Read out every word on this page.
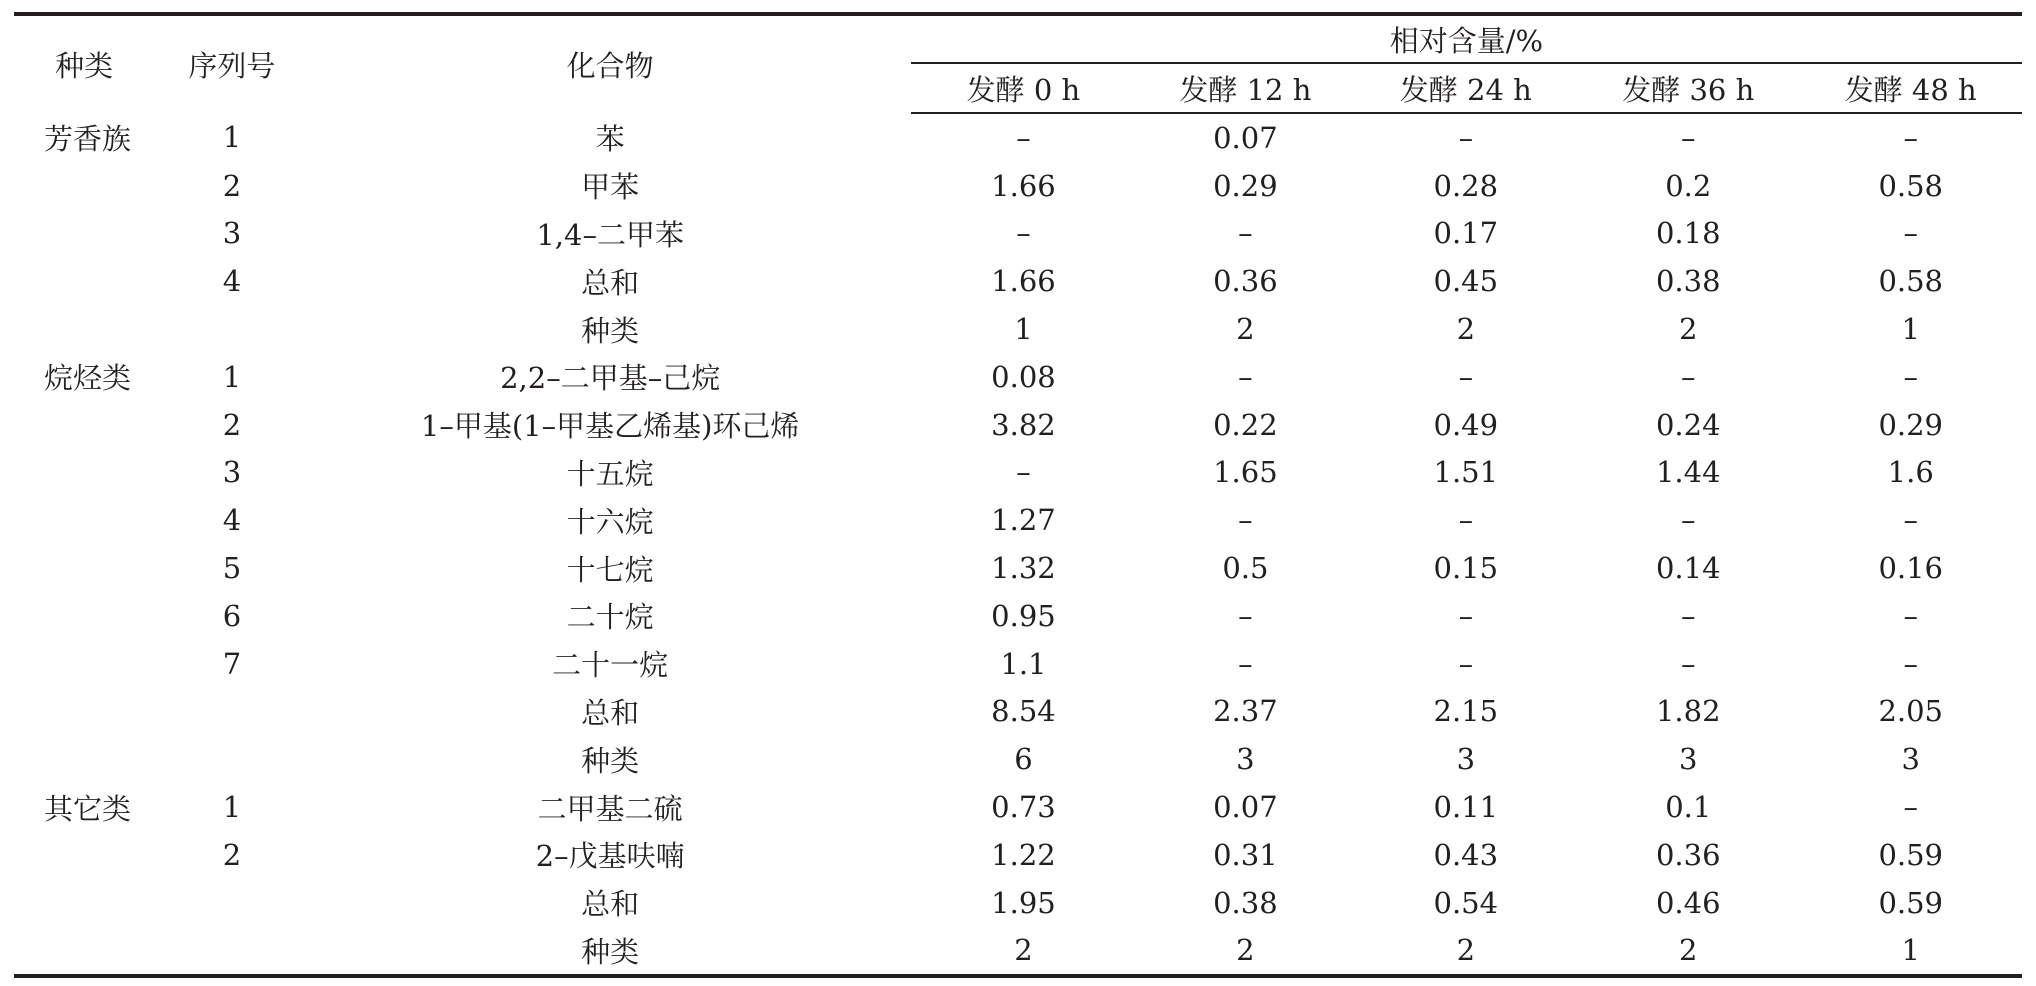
种类	序列号	化合物	相对含量/%				
			发酵 0 h	发酵 12 h	发酵 24 h	发酵 36 h	发酵 48 h
芳香族	1	苯	–	0.07	–	–	–
	2	甲苯	1.66	0.29	0.28	0.2	0.58
	3	1,4–二甲苯	–	–	0.17	0.18	–
	4	总和	1.66	0.36	0.45	0.38	0.58
		种类	1	2	2	2	1
烷烃类	1	2,2–二甲基–己烷	0.08	–	–	–	–
	2	1–甲基(1–甲基乙烯基)环己烯	3.82	0.22	0.49	0.24	0.29
	3	十五烷	–	1.65	1.51	1.44	1.6
	4	十六烷	1.27	–	–	–	–
	5	十七烷	1.32	0.5	0.15	0.14	0.16
	6	二十烷	0.95	–	–	–	–
	7	二十一烷	1.1	–	–	–	–
		总和	8.54	2.37	2.15	1.82	2.05
		种类	6	3	3	3	3
其它类	1	二甲基二硫	0.73	0.07	0.11	0.1	–
	2	2–戊基呋喃	1.22	0.31	0.43	0.36	0.59
		总和	1.95	0.38	0.54	0.46	0.59
		种类	2	2	2	2	1
